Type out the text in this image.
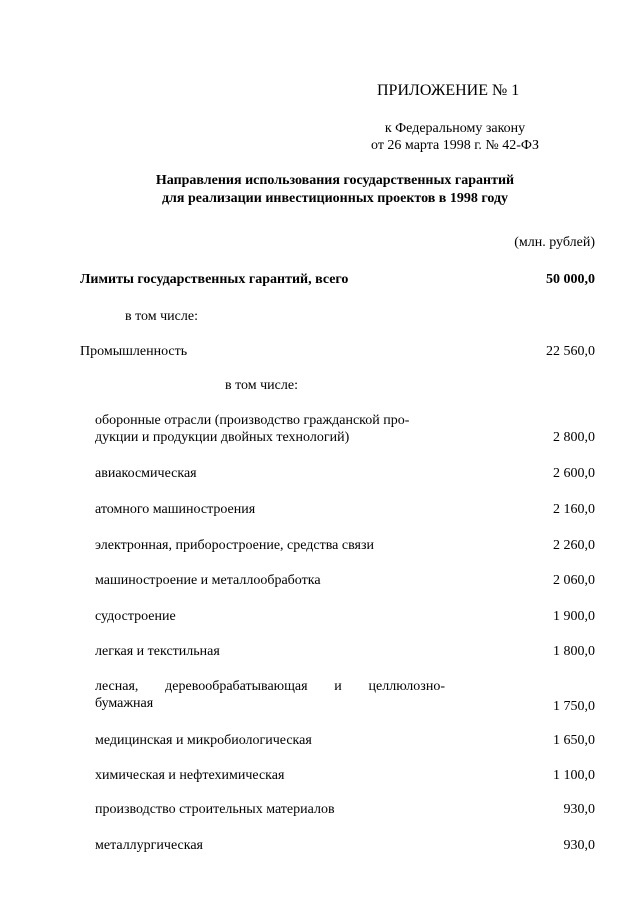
ПРИЛОЖЕНИЕ № 1
к Федеральному закону
от 26 марта 1998 г. № 42-ФЗ
Направления использования государственных гарантий
для реализации инвестиционных проектов в 1998 году
(млн. рублей)
Лимиты государственных гарантий, всего	50 000,0
в том числе:
Промышленность	22 560,0
в том числе:
оборонные отрасли (производство гражданской про-
дукции и продукции двойных технологий)	2 800,0
авиакосмическая	2 600,0
атомного машиностроения	2 160,0
электронная, приборостроение, средства связи	2 260,0
машиностроение и металлообработка	2 060,0
судостроение	1 900,0
легкая и текстильная	1 800,0
лесная, деревообрабатывающая и целлюлозно-
бумажная	1 750,0
медицинская и микробиологическая	1 650,0
химическая и нефтехимическая	1 100,0
производство строительных материалов	930,0
металлургическая	930,0
